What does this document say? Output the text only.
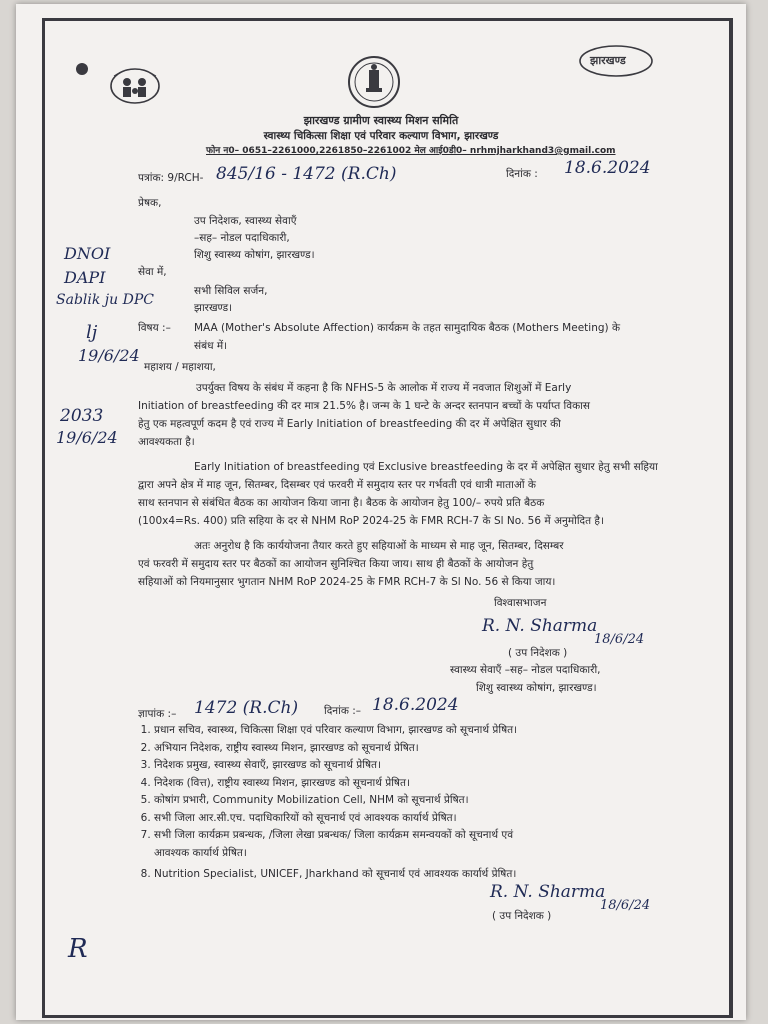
झारखण्ड
झारखण्ड ग्रामीण स्वास्थ्य मिशन समिति
स्वास्थ्य चिकित्सा शिक्षा एवं परिवार कल्याण विभाग, झारखण्ड
फोन न0– 0651–2261000,2261850–2261002 मेल आई0डी0– nrhmjharkhand3@gmail.com
पत्रांक: 9/RCH- 845/16 - 1472 (R.Ch)	दिनांक : 18.6.2024
प्रेषक,
उप निदेशक, स्वास्थ्य सेवाएँ
–सह– नोडल पदाधिकारी,
शिशु स्वास्थ्य कोषांग, झारखण्ड।
DNOI
DAPI
Sablik ju DPC
सेवा में,
सभी सिविल सर्जन,
झारखण्ड।
विषय :– MAA (Mother's Absolute Affection) कार्यक्रम के तहत सामुदायिक बैठक (Mothers Meeting) के
संबंध में।
lj
19/6/24
महाशय / महाशया,
2033
19/6/24
उपर्युक्त विषय के संबंध में कहना है कि NFHS-5 के आलोक में राज्य में नवजात शिशुओं में Early
Initiation of breastfeeding की दर मात्र 21.5% है। जन्म के 1 घन्टे के अन्दर स्तनपान बच्चों के पर्याप्त विकास
हेतु एक महत्वपूर्ण कदम है एवं राज्य में Early Initiation of breastfeeding की दर में अपेक्षित सुधार की
आवश्यकता है।
Early Initiation of breastfeeding एवं Exclusive breastfeeding के दर में अपेक्षित सुधार हेतु सभी सहिया
द्वारा अपने क्षेत्र में माह जून, सितम्बर, दिसम्बर एवं फरवरी में समुदाय स्तर पर गर्भवती एवं धात्री माताओं के
साथ स्तनपान से संबंधित बैठक का आयोजन किया जाना है। बैठक के आयोजन हेतु 100/– रुपये प्रति बैठक
(100x4=Rs. 400) प्रति सहिया के दर से NHM RoP 2024-25 के FMR RCH-7 के Sl No. 56 में अनुमोदित है।
अतः अनुरोध है कि कार्ययोजना तैयार करते हुए सहियाओं के माध्यम से माह जून, सितम्बर, दिसम्बर
एवं फरवरी में समुदाय स्तर पर बैठकों का आयोजन सुनिश्चित किया जाय। साथ ही बैठकों के आयोजन हेतु
सहियाओं को नियमानुसार भुगतान NHM RoP 2024-25 के FMR RCH-7 के Sl No. 56 से किया जाय।
विश्वासभाजन
R. N. Sharma
18/6/24
( उप निदेशक )
स्वास्थ्य सेवाएँ –सह– नोडल पदाधिकारी,
शिशु स्वास्थ्य कोषांग, झारखण्ड।
ज्ञापांक :– 1472 (R.Ch) दिनांक :– 18.6.2024
1. प्रधान सचिव, स्वास्थ्य, चिकित्सा शिक्षा एवं परिवार कल्याण विभाग, झारखण्ड को सूचनार्थ प्रेषित।
2. अभियान निदेशक, राष्ट्रीय स्वास्थ्य मिशन, झारखण्ड को सूचनार्थ प्रेषित।
3. निदेशक प्रमुख, स्वास्थ्य सेवाएँ, झारखण्ड को सूचनार्थ प्रेषित।
4. निदेशक (वित्त), राष्ट्रीय स्वास्थ्य मिशन, झारखण्ड को सूचनार्थ प्रेषित।
5. कोषांग प्रभारी, Community Mobilization Cell, NHM को सूचनार्थ प्रेषित।
6. सभी जिला आर.सी.एच. पदाधिकारियों को सूचनार्थ एवं आवश्यक कार्यार्थ प्रेषित।
7. सभी जिला कार्यक्रम प्रबन्धक, /जिला लेखा प्रबन्धक/ जिला कार्यक्रम समन्वयकों को सूचनार्थ एवं
आवश्यक कार्यार्थ प्रेषित।
8. Nutrition Specialist, UNICEF, Jharkhand को सूचनार्थ एवं आवश्यक कार्यार्थ प्रेषित।
R. N. Sharma
18/6/24
( उप निदेशक )
R
